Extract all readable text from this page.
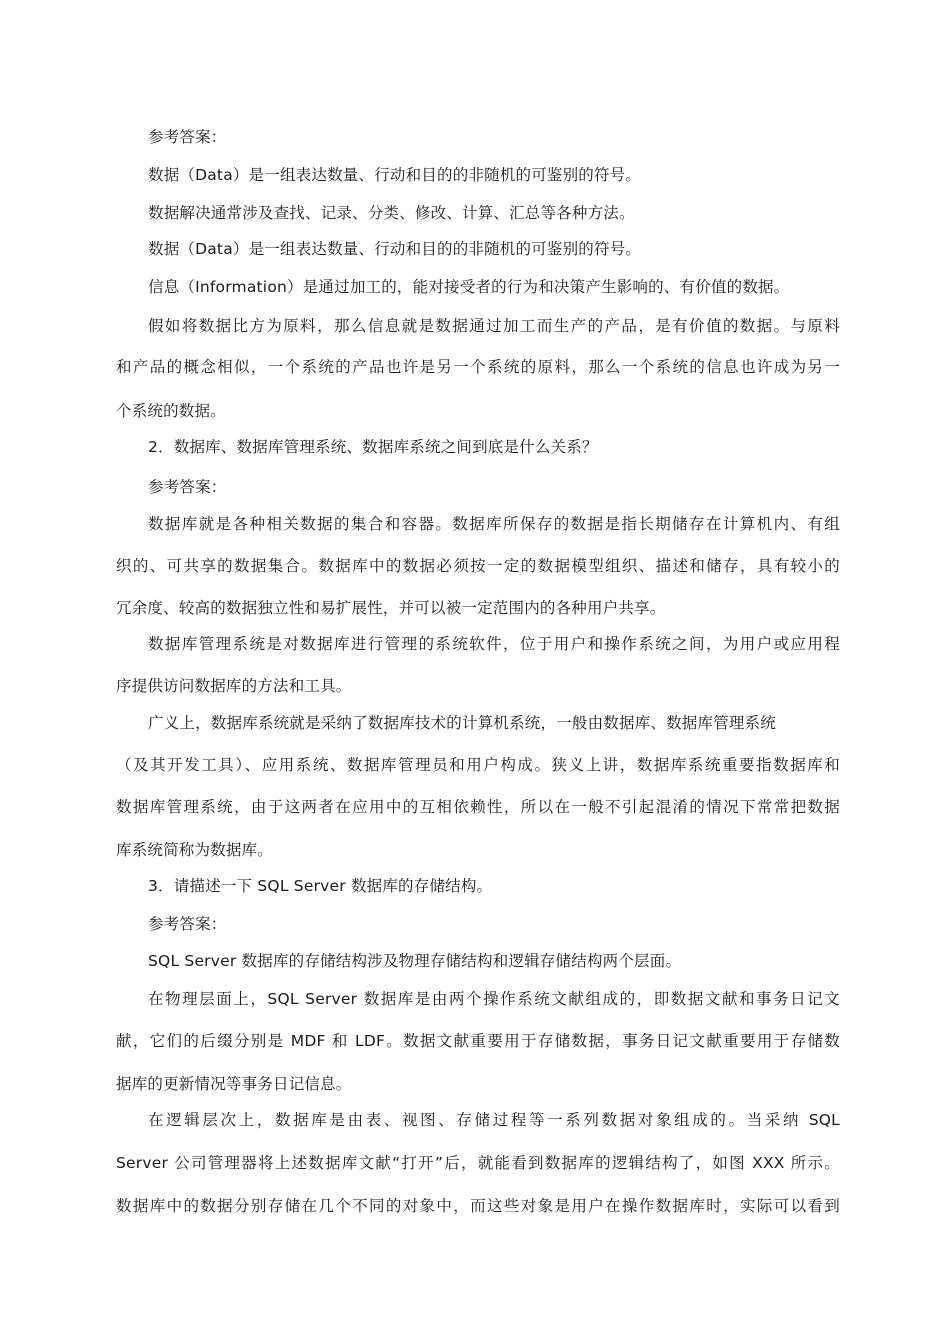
参考答案：
数据（Data）是一组表达数量、行动和目的的非随机的可鉴别的符号。
数据解决通常涉及查找、记录、分类、修改、计算、汇总等各种方法。
数据（Data）是一组表达数量、行动和目的的非随机的可鉴别的符号。
信息（Information）是通过加工的，能对接受者的行为和决策产生影响的、有价值的数据。
假如将数据比方为原料，那么信息就是数据通过加工而生产的产品，是有价值的数据。与原料
和产品的概念相似，一个系统的产品也许是另一个系统的原料，那么一个系统的信息也许成为另一
个系统的数据。
2．数据库、数据库管理系统、数据库系统之间到底是什么关系？
参考答案：
数据库就是各种相关数据的集合和容器。数据库所保存的数据是指长期储存在计算机内、有组
织的、可共享的数据集合。数据库中的数据必须按一定的数据模型组织、描述和储存，具有较小的
冗余度、较高的数据独立性和易扩展性，并可以被一定范围内的各种用户共享。
数据库管理系统是对数据库进行管理的系统软件，位于用户和操作系统之间，为用户或应用程
序提供访问数据库的方法和工具。
广义上，数据库系统就是采纳了数据库技术的计算机系统，一般由数据库、数据库管理系统
（及其开发工具）、应用系统、数据库管理员和用户构成。狭义上讲，数据库系统重要指数据库和
数据库管理系统，由于这两者在应用中的互相依赖性，所以在一般不引起混淆的情况下常常把数据
库系统简称为数据库。
3．请描述一下 SQL Server 数据库的存储结构。
参考答案：
SQL Server 数据库的存储结构涉及物理存储结构和逻辑存储结构两个层面。
在物理层面上，SQL Server 数据库是由两个操作系统文献组成的，即数据文献和事务日记文
献，它们的后缀分别是 MDF 和 LDF。数据文献重要用于存储数据，事务日记文献重要用于存储数
据库的更新情况等事务日记信息。
在逻辑层次上，数据库是由表、视图、存储过程等一系列数据对象组成的。当采纳 SQL
Server 公司管理器将上述数据库文献“打开”后，就能看到数据库的逻辑结构了，如图 XXX 所示。
数据库中的数据分别存储在几个不同的对象中，而这些对象是用户在操作数据库时，实际可以看到
